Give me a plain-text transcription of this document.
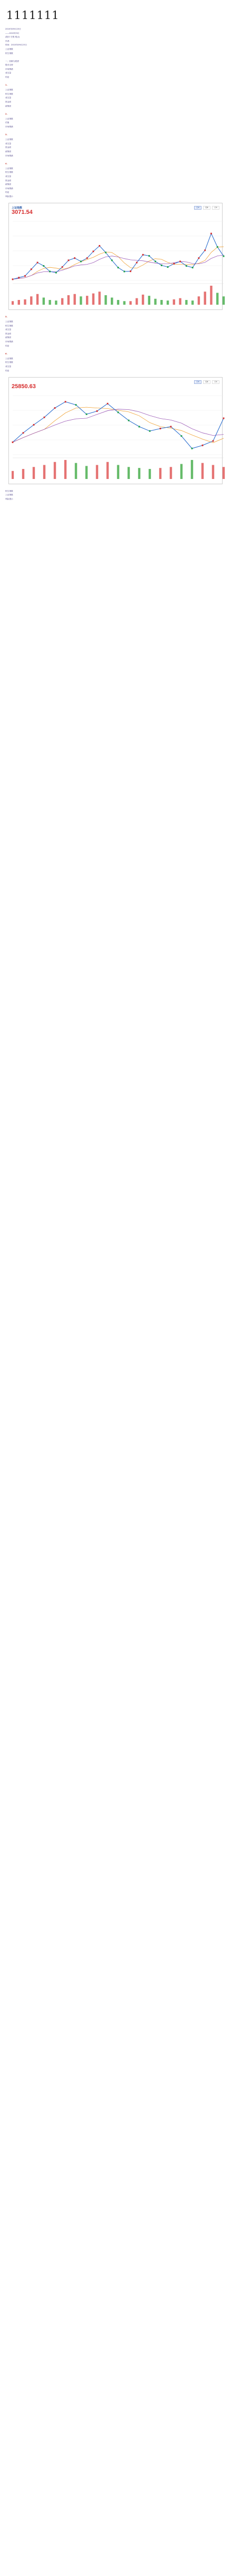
1111111
2015年09月23日
——2015年9月
(股市 宏观 观点)
作者：
时间：2015年09月23日
上证指数
恒生指数
一、回顾与展望
股市走势
市场情绪
成交量
结论
1.
上证指数
恒生指数
成交量
资金面
政策面
2.
上证指数
估值
市场情绪
3.
上证指数
成交量
资金面
政策面
市场情绪
4.
上证指数
恒生指数
成交量
资金面
政策面
市场情绪
结论
风险提示
上证指数	日K	周K	月K
3071.54
5.
上证指数
恒生指数
成交量
资金面
政策面
市场情绪
结论
6.
上证指数
恒生指数
成交量
结论
日K	周K	月K
25850.63
恒生指数
上证指数
风险提示
